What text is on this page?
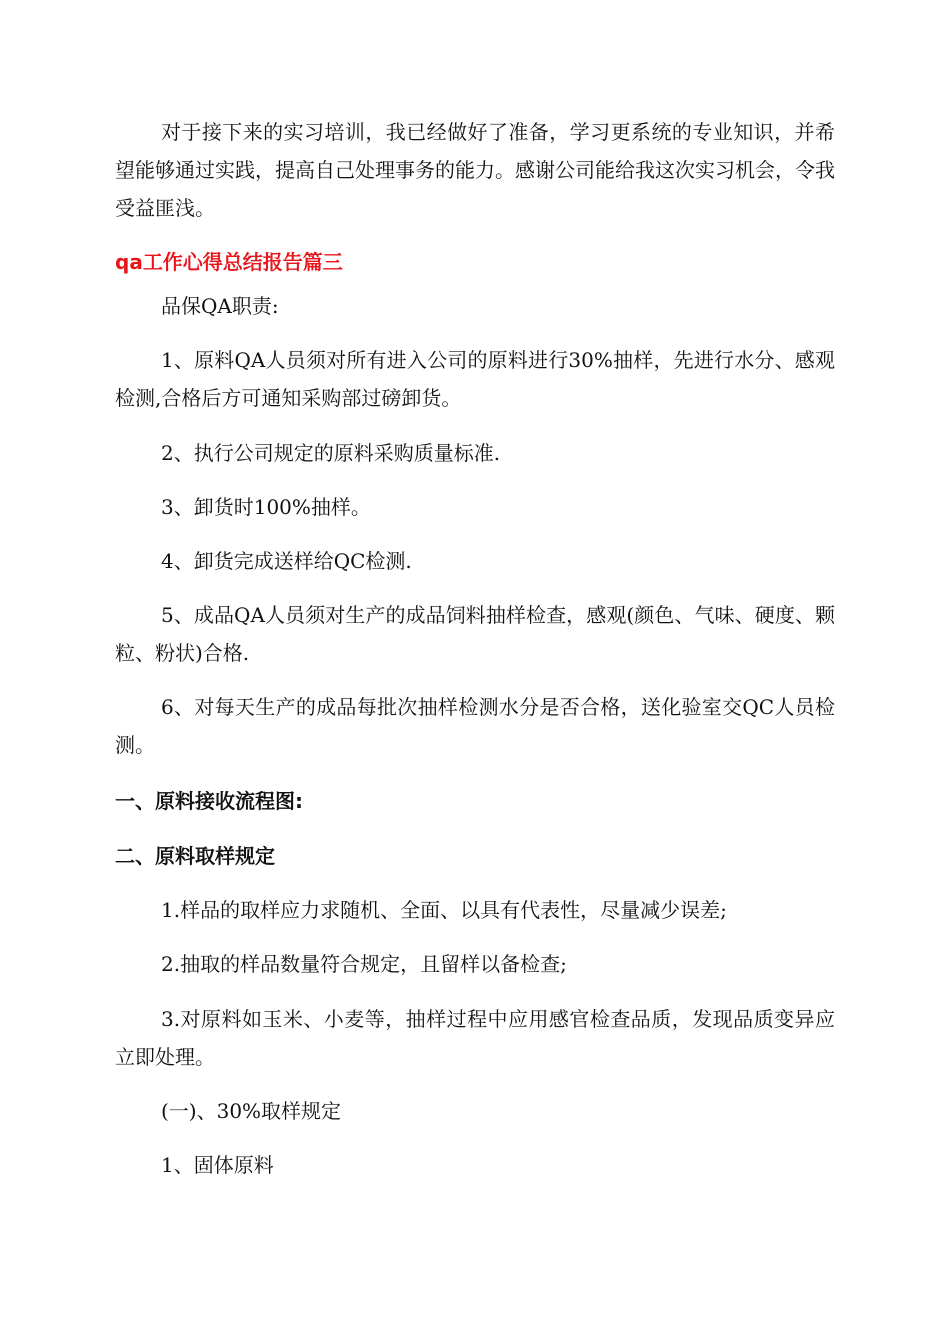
对于接下来的实习培训，我已经做好了准备，学习更系统的专业知识，并希望能够通过实践，提高自己处理事务的能力。感谢公司能给我这次实习机会，令我受益匪浅。

qa工作心得总结报告篇三

品保QA职责:

1、原料QA人员须对所有进入公司的原料进行30%抽样，先进行水分、感观检测,合格后方可通知采购部过磅卸货。

2、执行公司规定的原料采购质量标准.

3、卸货时100%抽样。

4、卸货完成送样给QC检测.

5、成品QA人员须对生产的成品饲料抽样检查，感观(颜色、气味、硬度、颗粒、粉状)合格.

6、对每天生产的成品每批次抽样检测水分是否合格，送化验室交QC人员检测。

一、原料接收流程图:
二、原料取样规定

1.样品的取样应力求随机、全面、以具有代表性，尽量减少误差;

2.抽取的样品数量符合规定，且留样以备检查;

3.对原料如玉米、小麦等，抽样过程中应用感官检查品质，发现品质变异应立即处理。

(一)、30%取样规定

1、固体原料
